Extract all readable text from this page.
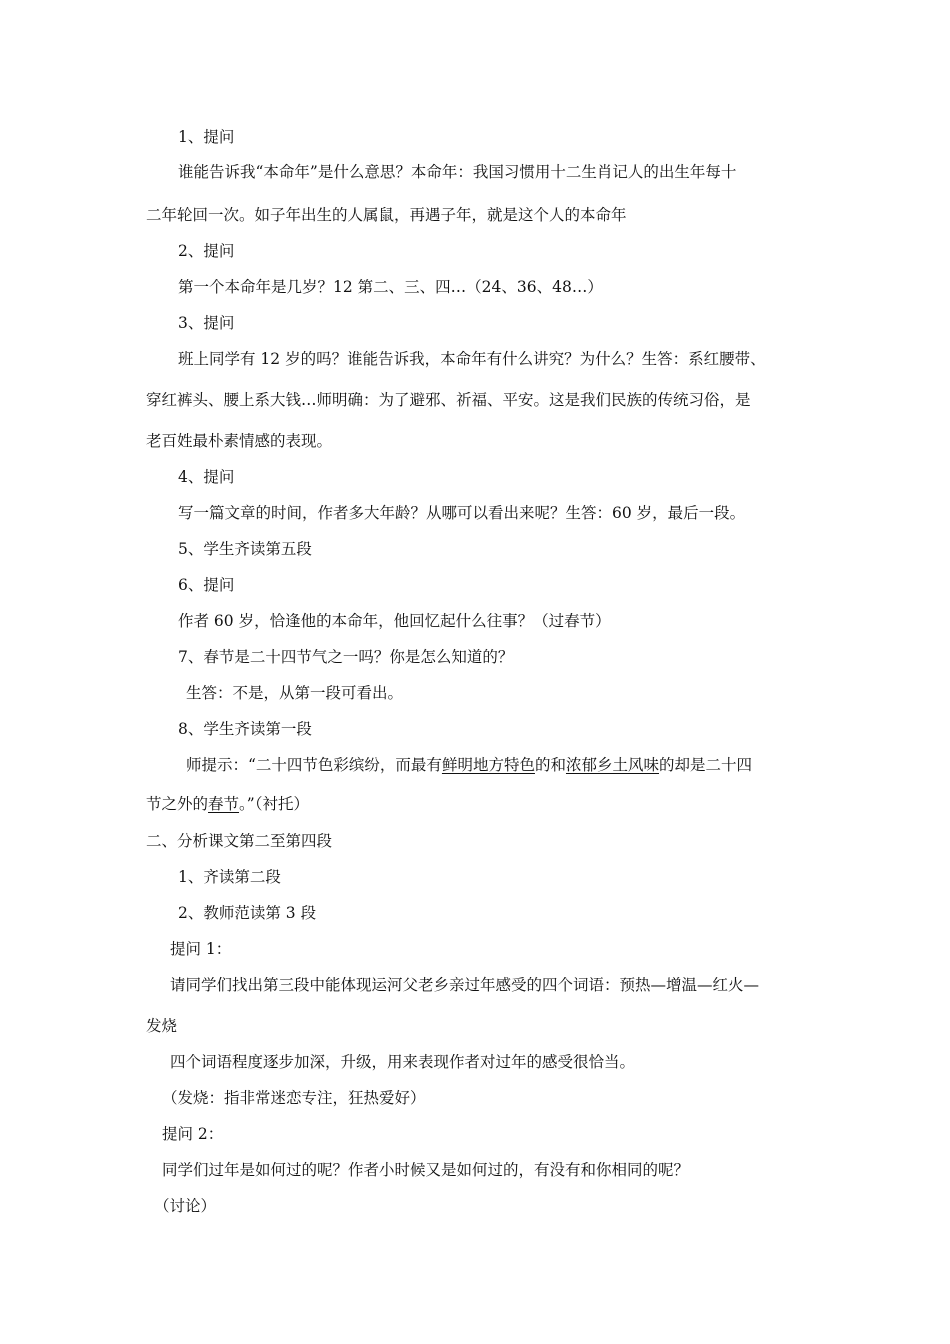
1、提问
谁能告诉我“本命年”是什么意思？本命年：我国习惯用十二生肖记人的出生年每十
二年轮回一次。如子年出生的人属鼠，再遇子年，就是这个人的本命年
2、提问
第一个本命年是几岁？12 第二、三、四…（24、36、48…）
3、提问
班上同学有 12 岁的吗？谁能告诉我，本命年有什么讲究？为什么？生答：系红腰带、
穿红裤头、腰上系大钱…师明确：为了避邪、祈福、平安。这是我们民族的传统习俗，是
老百姓最朴素情感的表现。
4、提问
写一篇文章的时间，作者多大年龄？从哪可以看出来呢？生答：60 岁，最后一段。
5、学生齐读第五段
6、提问
作者 60 岁，恰逢他的本命年，他回忆起什么往事？（过春节）
7、春节是二十四节气之一吗？你是怎么知道的？
生答：不是，从第一段可看出。
8、学生齐读第一段
师提示：“二十四节色彩缤纷，而最有鲜明地方特色的和浓郁乡土风味的却是二十四
节之外的春节。”（衬托）
二、分析课文第二至第四段
1、齐读第二段
2、教师范读第 3 段
提问 1：
请同学们找出第三段中能体现运河父老乡亲过年感受的四个词语：预热—增温—红火—
发烧
四个词语程度逐步加深，升级，用来表现作者对过年的感受很恰当。
（发烧：指非常迷恋专注，狂热爱好）
提问 2：
同学们过年是如何过的呢？作者小时候又是如何过的，有没有和你相同的呢？
（讨论）
